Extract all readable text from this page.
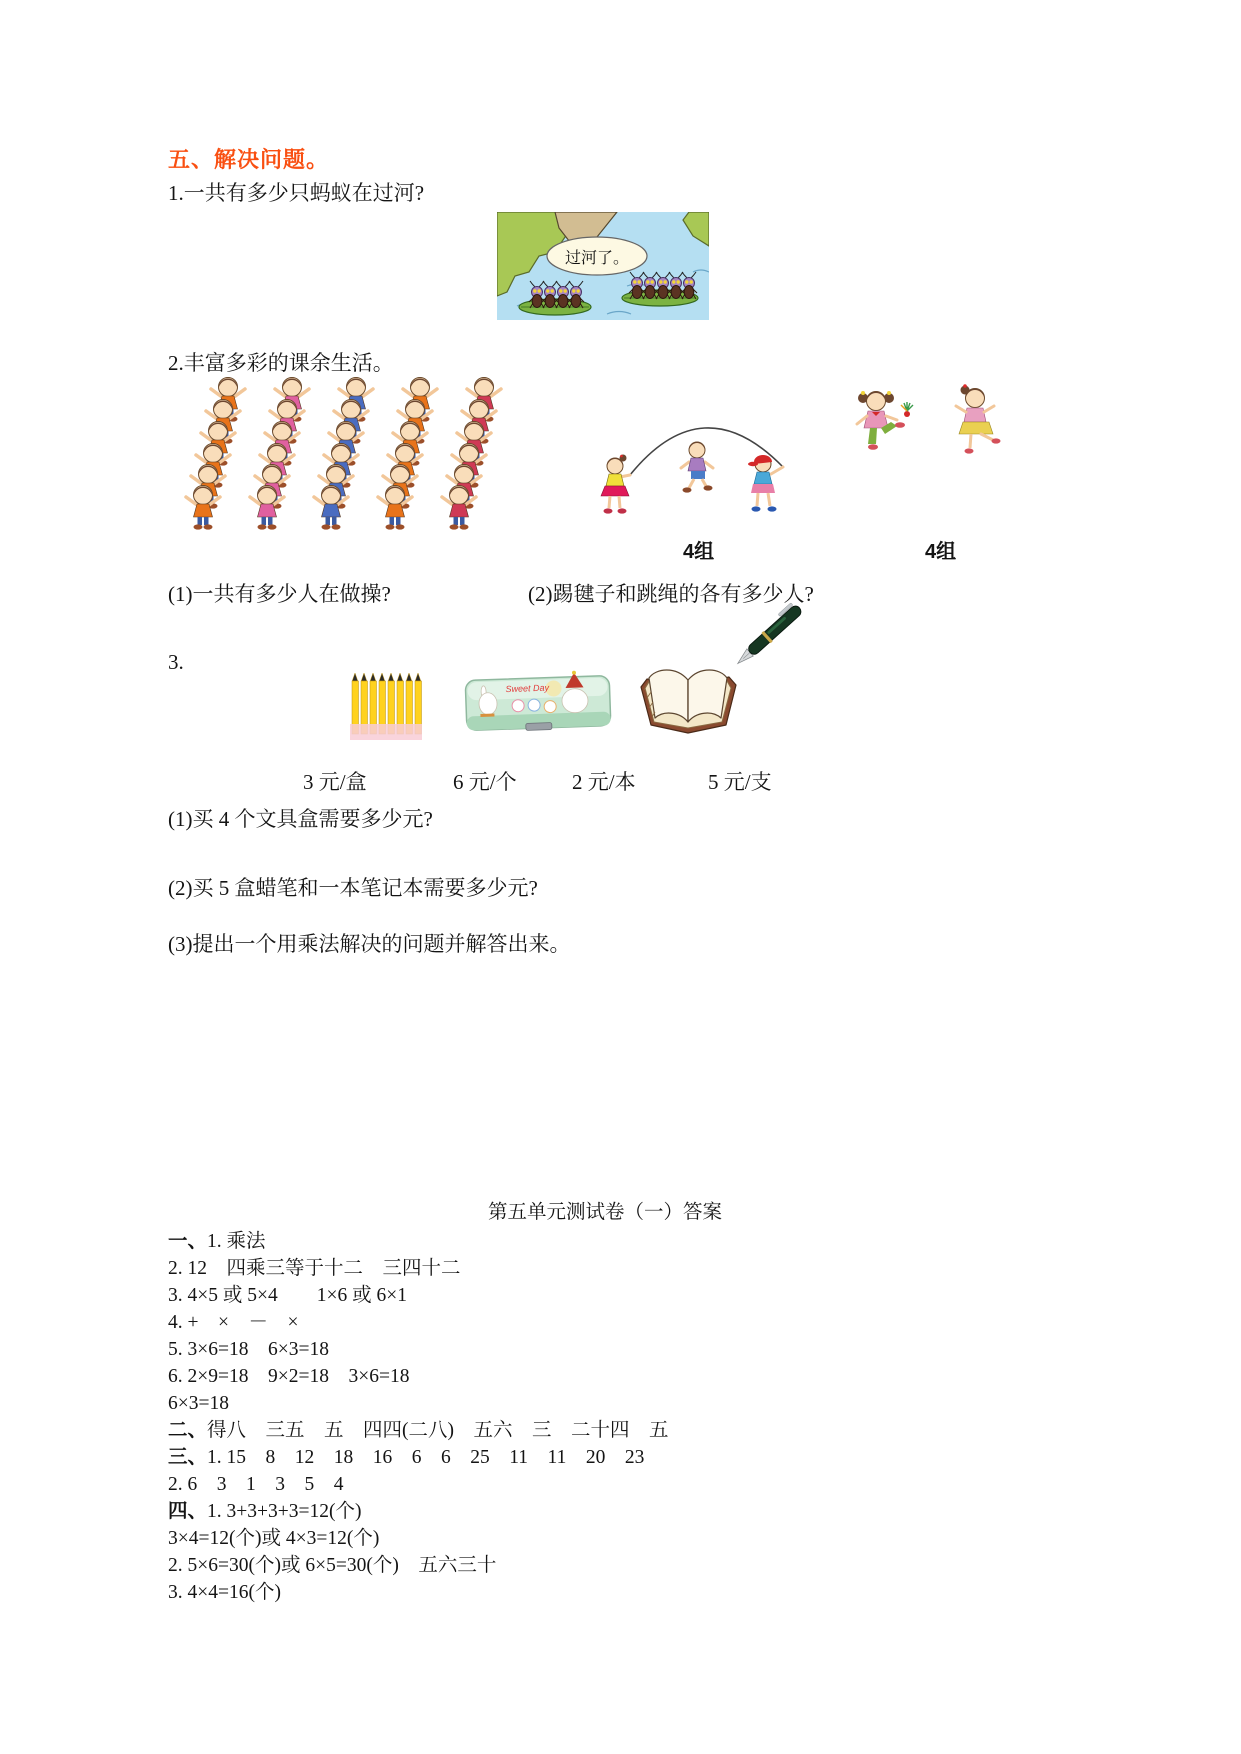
五、解决问题。
1.一共有多少只蚂蚁在过河?
过河了。
2.丰富多彩的课余生活。
4组	4组
(1)一共有多少人在做操?	(2)踢毽子和跳绳的各有多少人?
3.
Sweet Day
3 元/盒	6 元/个	2 元/本	5 元/支
(1)买 4 个文具盒需要多少元?
(2)买 5 盒蜡笔和一本笔记本需要多少元?
(3)提出一个用乘法解决的问题并解答出来。
第五单元测试卷（一）答案
一、1. 乘法
2. 12　四乘三等于十二　三四十二
3. 4×5 或 5×4　　1×6 或 6×1
4. +　×　－　×
5. 3×6=18　6×3=18
6. 2×9=18　9×2=18　3×6=18
6×3=18
二、得八　三五　五　四四(二八)　五六　三　二十四　五
三、1. 15　8　12　18　16　6　6　25　11　11　20　23
2. 6　3　1　3　5　4
四、1. 3+3+3+3=12(个)
3×4=12(个)或 4×3=12(个)
2. 5×6=30(个)或 6×5=30(个)　五六三十
3. 4×4=16(个)
